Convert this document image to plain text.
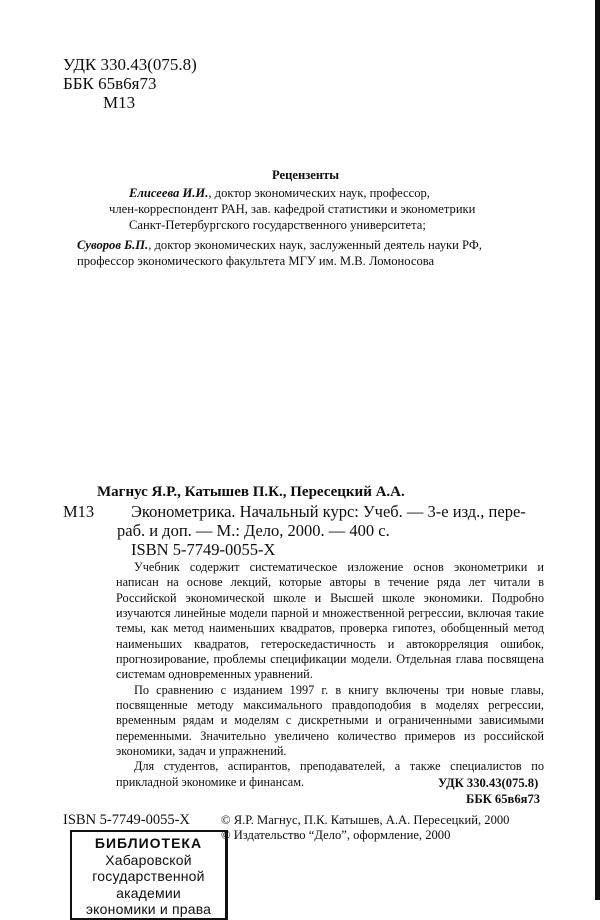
УДК 330.43(075.8)
ББК 65в6я73
М13
Рецензенты
Елисеева И.И., доктор экономических наук, профессор,
член-корреспондент РАН, зав. кафедрой статистики и эконометрики
Санкт-Петербургского государственного университета;
Суворов Б.П., доктор экономических наук, заслуженный деятель науки РФ,
профессор экономического факультета МГУ им. М.В. Ломоносова
Магнус Я.Р., Катышев П.К., Пересецкий А.А.
М13 Эконометрика. Начальный курс: Учеб. — 3-е изд., пере-
раб. и доп. — М.: Дело, 2000. — 400 с.
ISBN 5-7749-0055-Х

Учебник содержит систематическое изложение основ эконометрики и написан на основе лекций, которые авторы в течение ряда лет читали в Российской экономической школе и Высшей школе экономики. Подробно изучаются линейные модели парной и множественной регрессии, включая такие темы, как метод наименьших квадратов, проверка гипотез, обобщенный метод наименьших квадратов, гетероскедастичность и автокорреляция ошибок, прогнозирование, проблемы спецификации модели. Отдельная глава посвящена системам одновременных уравнений.

По сравнению с изданием 1997 г. в книгу включены три новые главы, посвященные методу максимального правдоподобия в моделях регрессии, временным рядам и моделям с дискретными и ограниченными зависимыми переменными. Значительно увеличено количество примеров из российской экономики, задач и упражнений.

Для студентов, аспирантов, преподавателей, а также специалистов по прикладной экономике и финансам.	УДК 330.43(075.8)
ББК 65в6я73
ISBN 5-7749-0055-Х © Я.Р. Магнус, П.К. Катышев, А.А. Пересецкий, 2000
© Издательство “Дело”, оформление, 2000
БИБЛИОТЕКА
Хабаровской
государственной
академии
экономики и права
